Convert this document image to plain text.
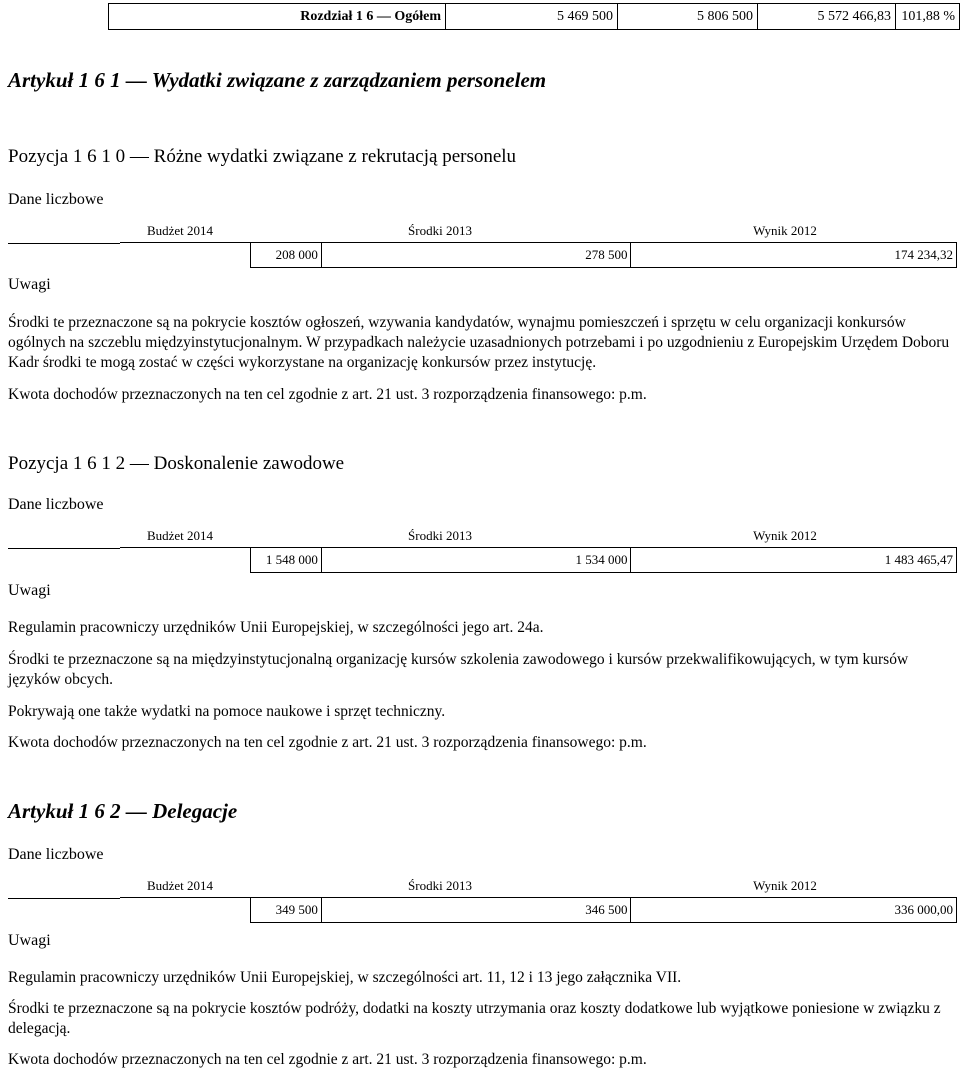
Rozdział 1 6 — Ogółem	5 469 500	5 806 500	5 572 466,83 101,88 %
Artykuł 1 6 1 — Wydatki związane z zarządzaniem personelem
Pozycja 1 6 1 0 — Różne wydatki związane z rekrutacją personelu
Dane liczbowe
Budżet 2014	Środki 2013	Wynik 2012
208 000	278 500	174 234,32
Uwagi
Środki te przeznaczone są na pokrycie kosztów ogłoszeń, wzywania kandydatów, wynajmu pomieszczeń i sprzętu w celu organizacji konkursów ogólnych na szczeblu międzyinstytucjonalnym. W przypadkach należycie uzasadnionych potrzebami i po uzgodnieniu z Europejskim Urzędem Doboru Kadr środki te mogą zostać w części wykorzystane na organizację konkursów przez instytucję.
Kwota dochodów przeznaczonych na ten cel zgodnie z art. 21 ust. 3 rozporządzenia finansowego: p.m.
Pozycja 1 6 1 2 — Doskonalenie zawodowe
Dane liczbowe
Budżet 2014	Środki 2013	Wynik 2012
1 548 000	1 534 000	1 483 465,47
Uwagi
Regulamin pracowniczy urzędników Unii Europejskiej, w szczególności jego art. 24a.
Środki te przeznaczone są na międzyinstytucjonalną organizację kursów szkolenia zawodowego i kursów przekwalifikowujących, w tym kursów języków obcych.
Pokrywają one także wydatki na pomoce naukowe i sprzęt techniczny.
Kwota dochodów przeznaczonych na ten cel zgodnie z art. 21 ust. 3 rozporządzenia finansowego: p.m.
Artykuł 1 6 2 — Delegacje
Dane liczbowe
Budżet 2014	Środki 2013	Wynik 2012
349 500	346 500	336 000,00
Uwagi
Regulamin pracowniczy urzędników Unii Europejskiej, w szczególności art. 11, 12 i 13 jego załącznika VII.
Środki te przeznaczone są na pokrycie kosztów podróży, dodatki na koszty utrzymania oraz koszty dodatkowe lub wyjątkowe poniesione w związku z delegacją.
Kwota dochodów przeznaczonych na ten cel zgodnie z art. 21 ust. 3 rozporządzenia finansowego: p.m.
